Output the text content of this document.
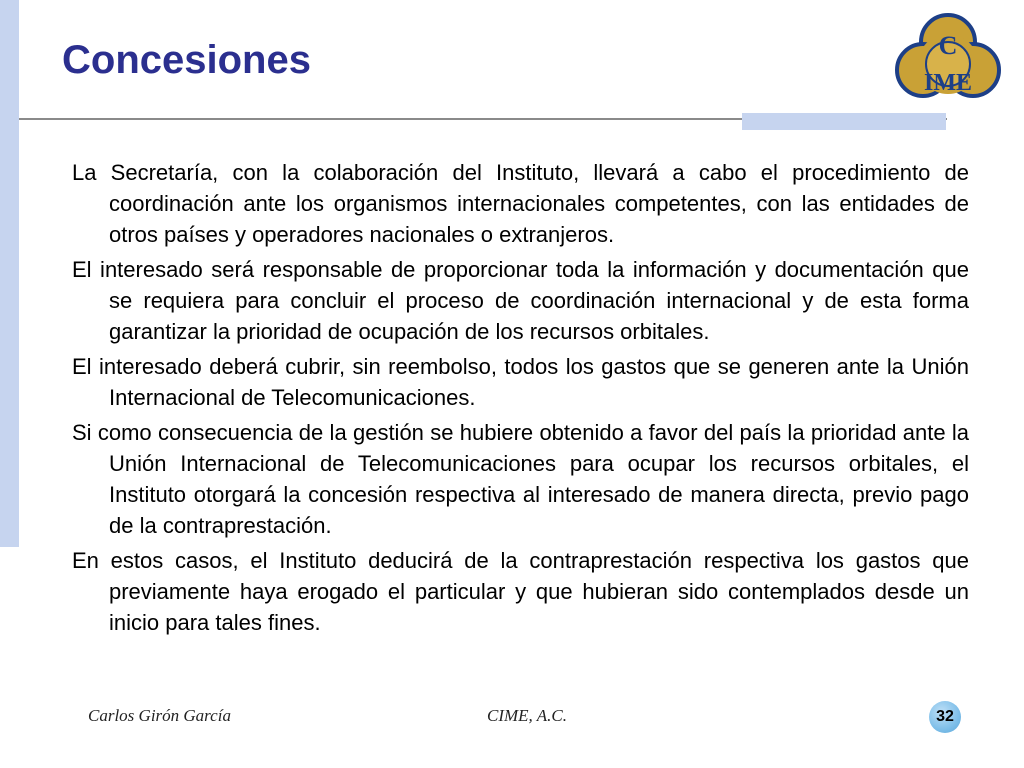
Concesiones	C
IME

La Secretaría, con la colaboración del Instituto, llevará a cabo el procedimiento de coordinación ante los organismos internacionales competentes, con las entidades de otros países y operadores nacionales o extranjeros.

El interesado será responsable de proporcionar toda la información y documentación que se requiera para concluir el proceso de coordinación internacional y de esta forma garantizar la prioridad de ocupación de los recursos orbitales.

El interesado deberá cubrir, sin reembolso, todos los gastos que se generen ante la Unión Internacional de Telecomunicaciones.

Si como consecuencia de la gestión se hubiere obtenido a favor del país la prioridad ante la Unión Internacional de Telecomunicaciones para ocupar los recursos orbitales, el Instituto otorgará la concesión respectiva al interesado de manera directa, previo pago de la contraprestación.

En estos casos, el Instituto deducirá de la contraprestación respectiva los gastos que previamente haya erogado el particular y que hubieran sido contemplados desde un inicio para tales fines.

Carlos Girón García	CIME, A.C.	32
